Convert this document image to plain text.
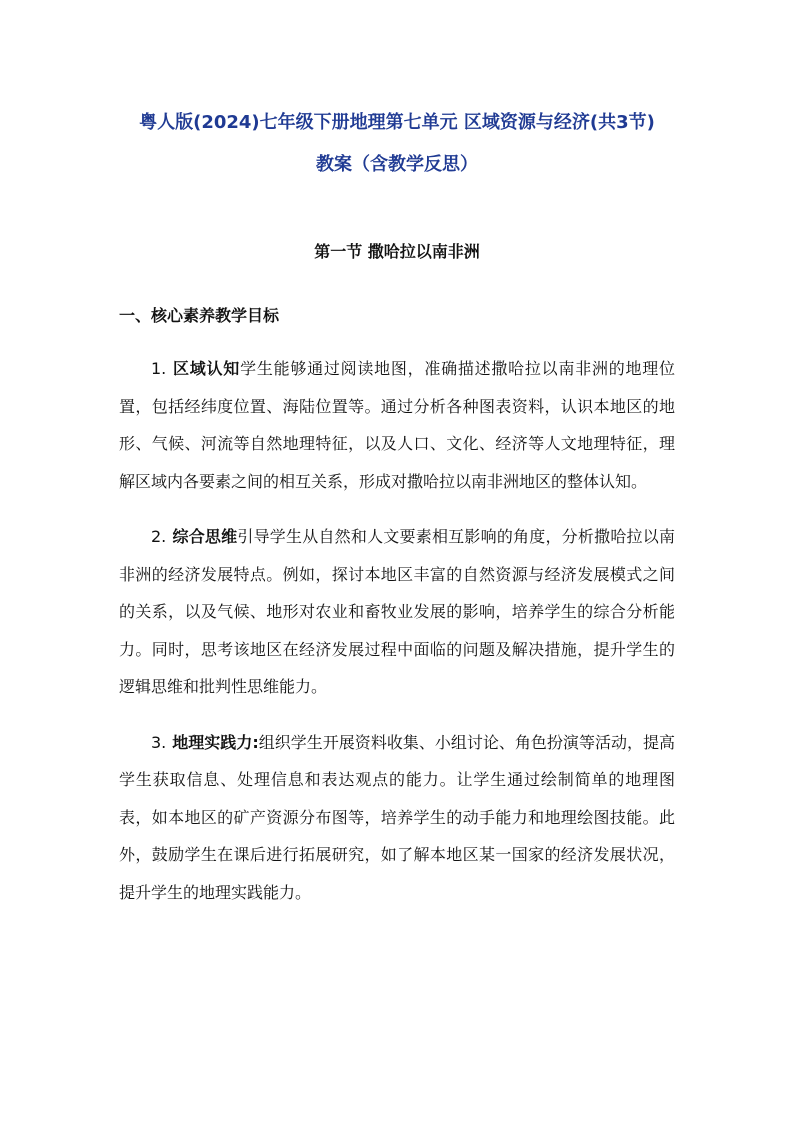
粤人版(2024)七年级下册地理第七单元 区域资源与经济(共3节)
教案（含教学反思）
第一节 撒哈拉以南非洲
一、核心素养教学目标

1. 区域认知学生能够通过阅读地图，准确描述撒哈拉以南非洲的地理位置，包括经纬度位置、海陆位置等。通过分析各种图表资料，认识本地区的地形、气候、河流等自然地理特征，以及人口、文化、经济等人文地理特征，理解区域内各要素之间的相互关系，形成对撒哈拉以南非洲地区的整体认知。

2. 综合思维引导学生从自然和人文要素相互影响的角度，分析撒哈拉以南非洲的经济发展特点。例如，探讨本地区丰富的自然资源与经济发展模式之间的关系，以及气候、地形对农业和畜牧业发展的影响，培养学生的综合分析能力。同时，思考该地区在经济发展过程中面临的问题及解决措施，提升学生的逻辑思维和批判性思维能力。

3. 地理实践力:组织学生开展资料收集、小组讨论、角色扮演等活动，提高学生获取信息、处理信息和表达观点的能力。让学生通过绘制简单的地理图表，如本地区的矿产资源分布图等，培养学生的动手能力和地理绘图技能。此外，鼓励学生在课后进行拓展研究，如了解本地区某一国家的经济发展状况，提升学生的地理实践能力。
